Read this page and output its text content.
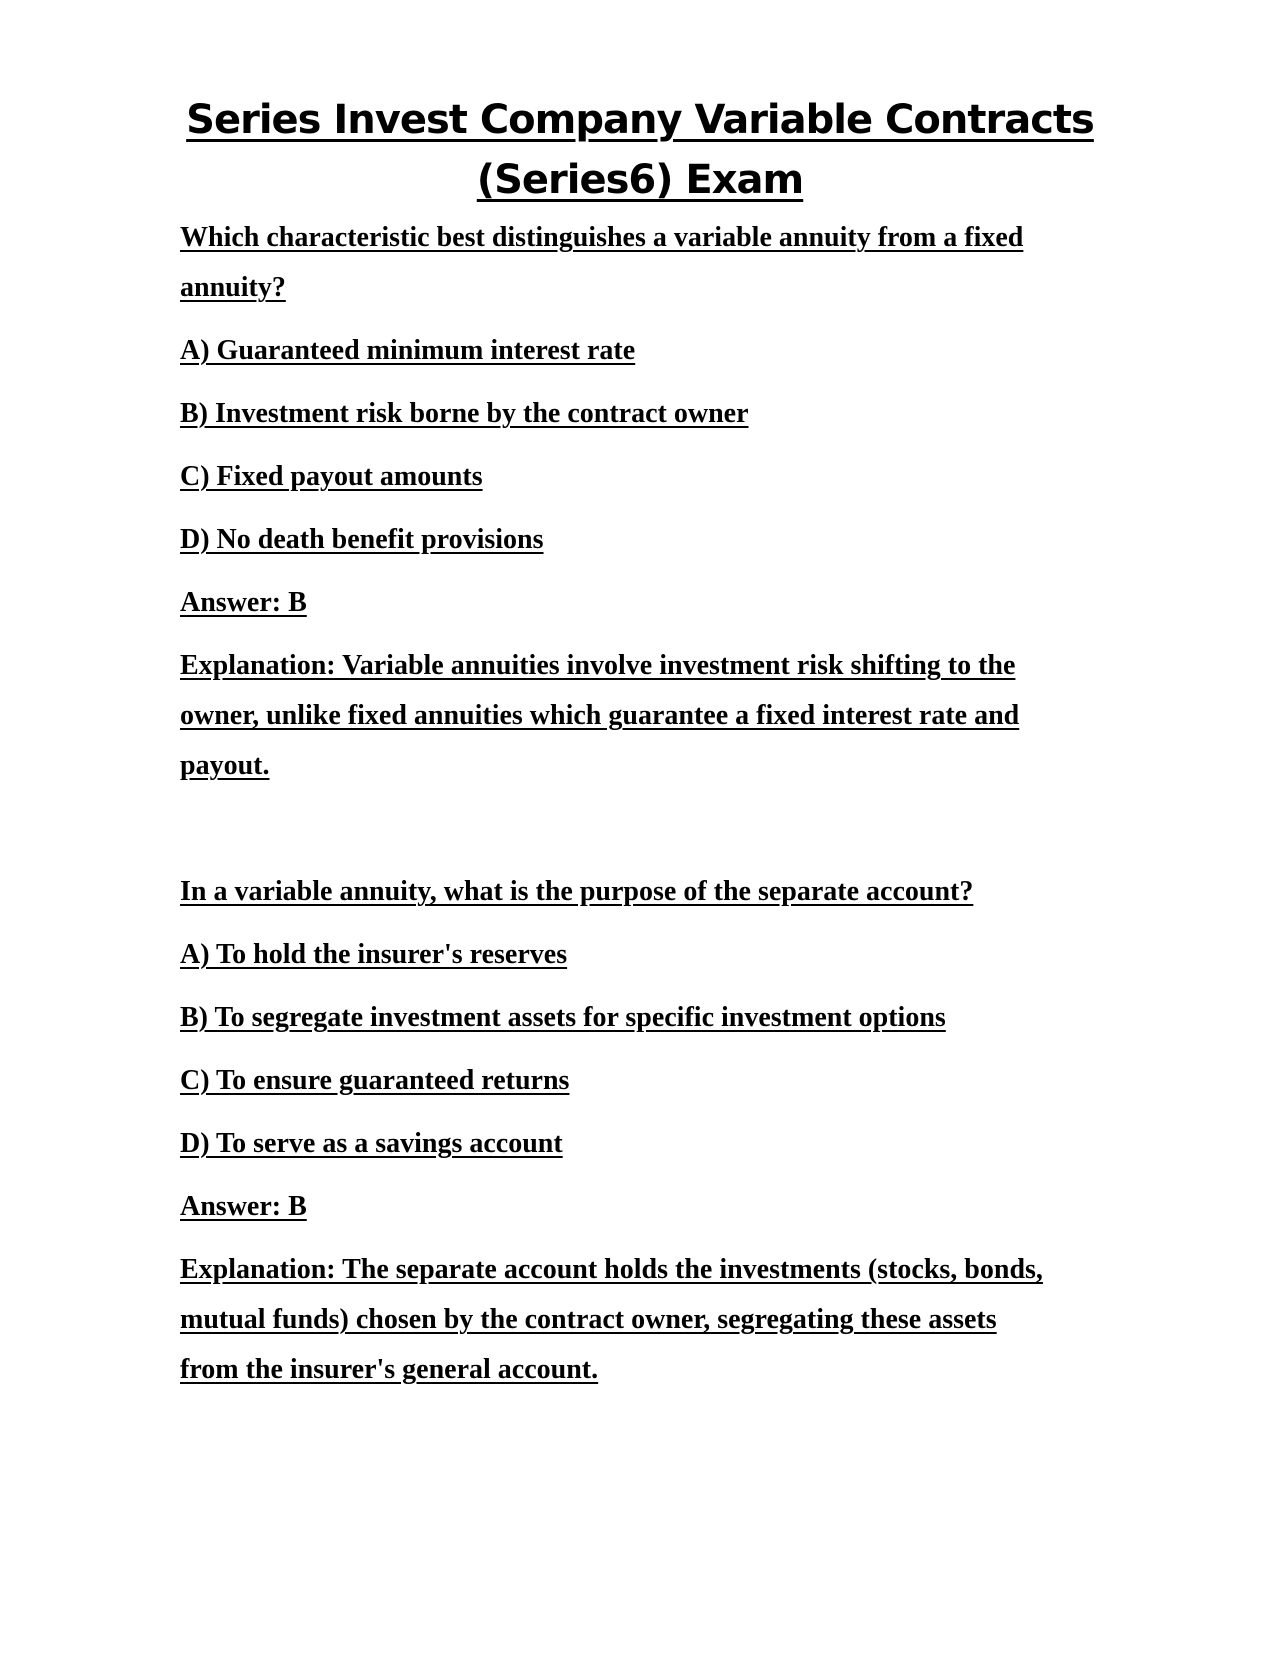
Series Invest Company Variable Contracts
(Series6) Exam
Which characteristic best distinguishes a variable annuity from a fixed
annuity?
A) Guaranteed minimum interest rate
B) Investment risk borne by the contract owner
C) Fixed payout amounts
D) No death benefit provisions
Answer: B
Explanation: Variable annuities involve investment risk shifting to the
owner, unlike fixed annuities which guarantee a fixed interest rate and
payout.
In a variable annuity, what is the purpose of the separate account?
A) To hold the insurer's reserves
B) To segregate investment assets for specific investment options
C) To ensure guaranteed returns
D) To serve as a savings account
Answer: B
Explanation: The separate account holds the investments (stocks, bonds,
mutual funds) chosen by the contract owner, segregating these assets
from the insurer's general account.
